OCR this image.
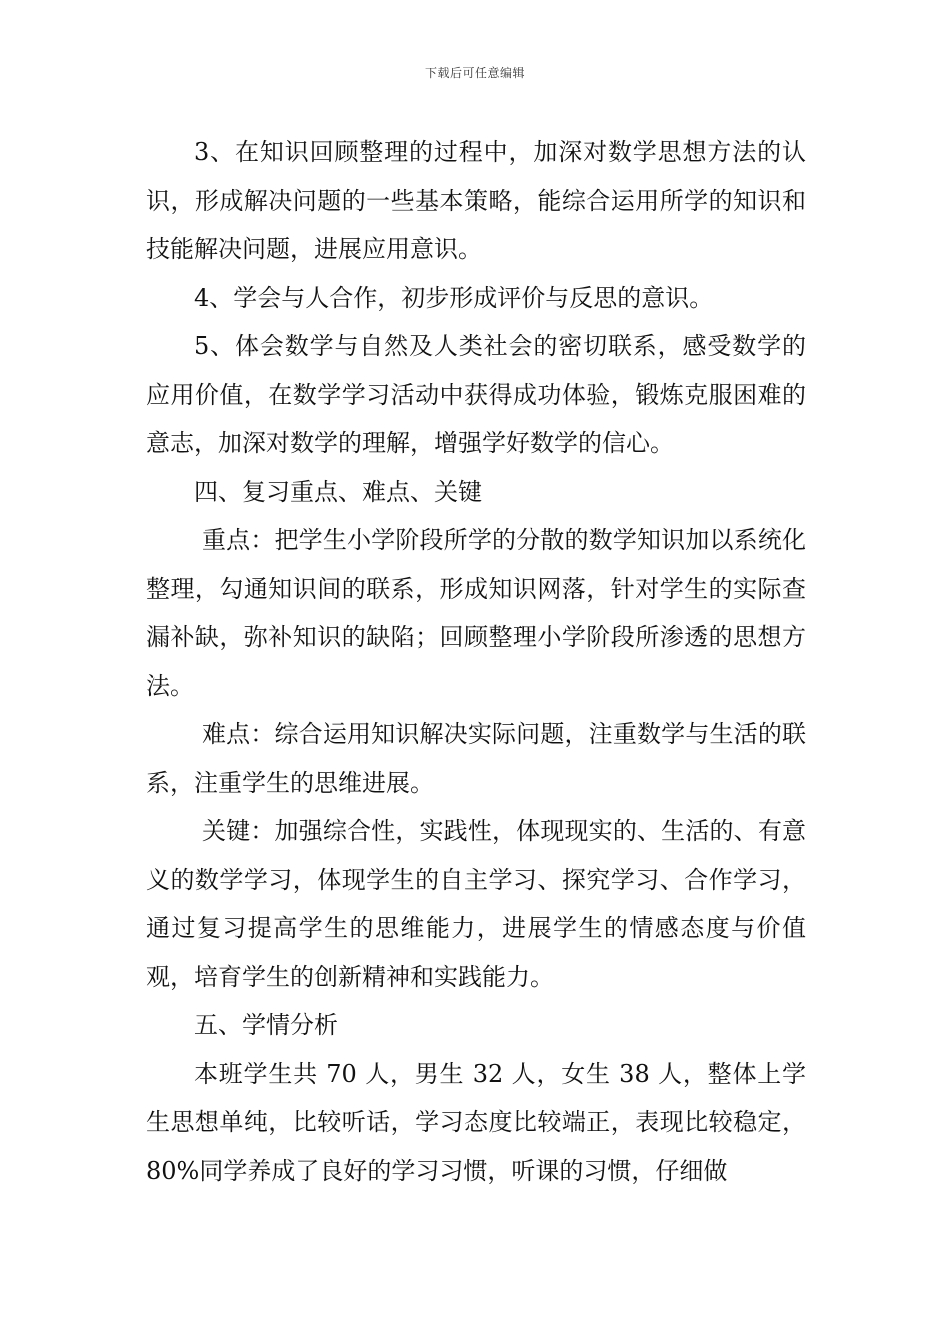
下载后可任意编辑

3、在知识回顾整理的过程中，加深对数学思想方法的认识，形成解决问题的一些基本策略，能综合运用所学的知识和技能解决问题，进展应用意识。

4、学会与人合作，初步形成评价与反思的意识。

5、体会数学与自然及人类社会的密切联系，感受数学的应用价值，在数学学习活动中获得成功体验，锻炼克服困难的意志，加深对数学的理解，增强学好数学的信心。

四、复习重点、难点、关键

重点：把学生小学阶段所学的分散的数学知识加以系统化整理，勾通知识间的联系，形成知识网落，针对学生的实际查漏补缺，弥补知识的缺陷；回顾整理小学阶段所渗透的思想方法。

难点：综合运用知识解决实际问题，注重数学与生活的联系，注重学生的思维进展。

关键：加强综合性，实践性，体现现实的、生活的、有意义的数学学习，体现学生的自主学习、探究学习、合作学习，通过复习提高学生的思维能力，进展学生的情感态度与价值观，培育学生的创新精神和实践能力。

五、学情分析

本班学生共 70 人，男生 32 人，女生 38 人，整体上学生思想单纯，比较听话，学习态度比较端正，表现比较稳定，80%同学养成了良好的学习习惯，听课的习惯，仔细做
